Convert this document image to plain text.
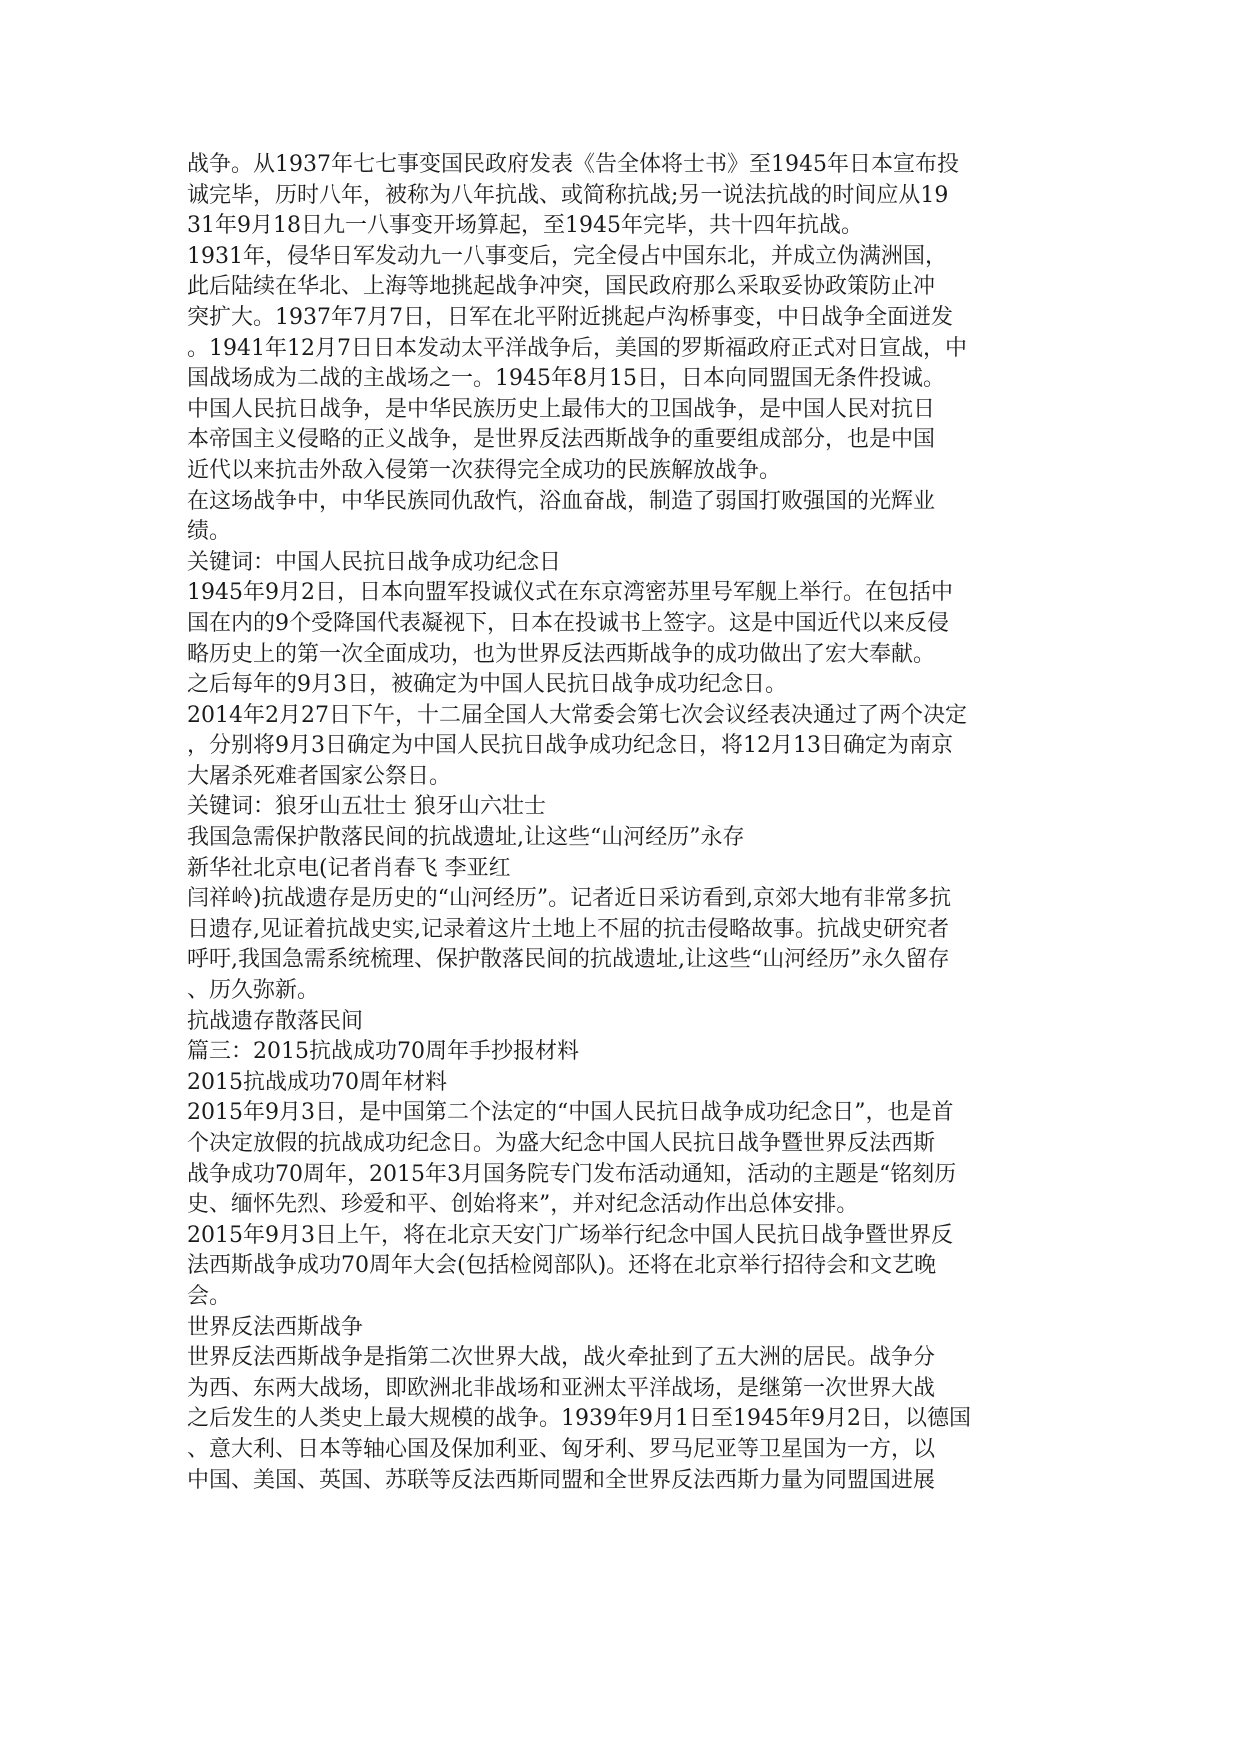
战争。从1937年七七事变国民政府发表《告全体将士书》至1945年日本宣布投
诚完毕，历时八年，被称为八年抗战、或简称抗战;另一说法抗战的时间应从19
31年9月18日九一八事变开场算起，至1945年完毕，共十四年抗战。
1931年，侵华日军发动九一八事变后，完全侵占中国东北，并成立伪满洲国，
此后陆续在华北、上海等地挑起战争冲突，国民政府那么采取妥协政策防止冲
突扩大。1937年7月7日，日军在北平附近挑起卢沟桥事变，中日战争全面迸发
。1941年12月7日日本发动太平洋战争后，美国的罗斯福政府正式对日宣战，中
国战场成为二战的主战场之一。1945年8月15日，日本向同盟国无条件投诚。
中国人民抗日战争，是中华民族历史上最伟大的卫国战争，是中国人民对抗日
本帝国主义侵略的正义战争，是世界反法西斯战争的重要组成部分，也是中国
近代以来抗击外敌入侵第一次获得完全成功的民族解放战争。
在这场战争中，中华民族同仇敌忾，浴血奋战，制造了弱国打败强国的光辉业
绩。
关键词：中国人民抗日战争成功纪念日
1945年9月2日，日本向盟军投诚仪式在东京湾密苏里号军舰上举行。在包括中
国在内的9个受降国代表凝视下，日本在投诚书上签字。这是中国近代以来反侵
略历史上的第一次全面成功，也为世界反法西斯战争的成功做出了宏大奉献。
之后每年的9月3日，被确定为中国人民抗日战争成功纪念日。
2014年2月27日下午，十二届全国人大常委会第七次会议经表决通过了两个决定
，分别将9月3日确定为中国人民抗日战争成功纪念日，将12月13日确定为南京
大屠杀死难者国家公祭日。
关键词：狼牙山五壮士 狼牙山六壮士
我国急需保护散落民间的抗战遗址,让这些“山河经历”永存
新华社北京电(记者肖春飞 李亚红
闫祥岭)抗战遗存是历史的“山河经历”。记者近日采访看到,京郊大地有非常多抗
日遗存,见证着抗战史实,记录着这片土地上不屈的抗击侵略故事。抗战史研究者
呼吁,我国急需系统梳理、保护散落民间的抗战遗址,让这些“山河经历”永久留存
、历久弥新。
抗战遗存散落民间
篇三：2015抗战成功70周年手抄报材料
2015抗战成功70周年材料
2015年9月3日，是中国第二个法定的“中国人民抗日战争成功纪念日”，也是首
个决定放假的抗战成功纪念日。为盛大纪念中国人民抗日战争暨世界反法西斯
战争成功70周年，2015年3月国务院专门发布活动通知，活动的主题是“铭刻历
史、缅怀先烈、珍爱和平、创始将来”，并对纪念活动作出总体安排。
2015年9月3日上午，将在北京天安门广场举行纪念中国人民抗日战争暨世界反
法西斯战争成功70周年大会(包括检阅部队)。还将在北京举行招待会和文艺晚
会。
世界反法西斯战争
世界反法西斯战争是指第二次世界大战，战火牵扯到了五大洲的居民。战争分
为西、东两大战场，即欧洲北非战场和亚洲太平洋战场，是继第一次世界大战
之后发生的人类史上最大规模的战争。1939年9月1日至1945年9月2日，以德国
、意大利、日本等轴心国及保加利亚、匈牙利、罗马尼亚等卫星国为一方，以
中国、美国、英国、苏联等反法西斯同盟和全世界反法西斯力量为同盟国进展
